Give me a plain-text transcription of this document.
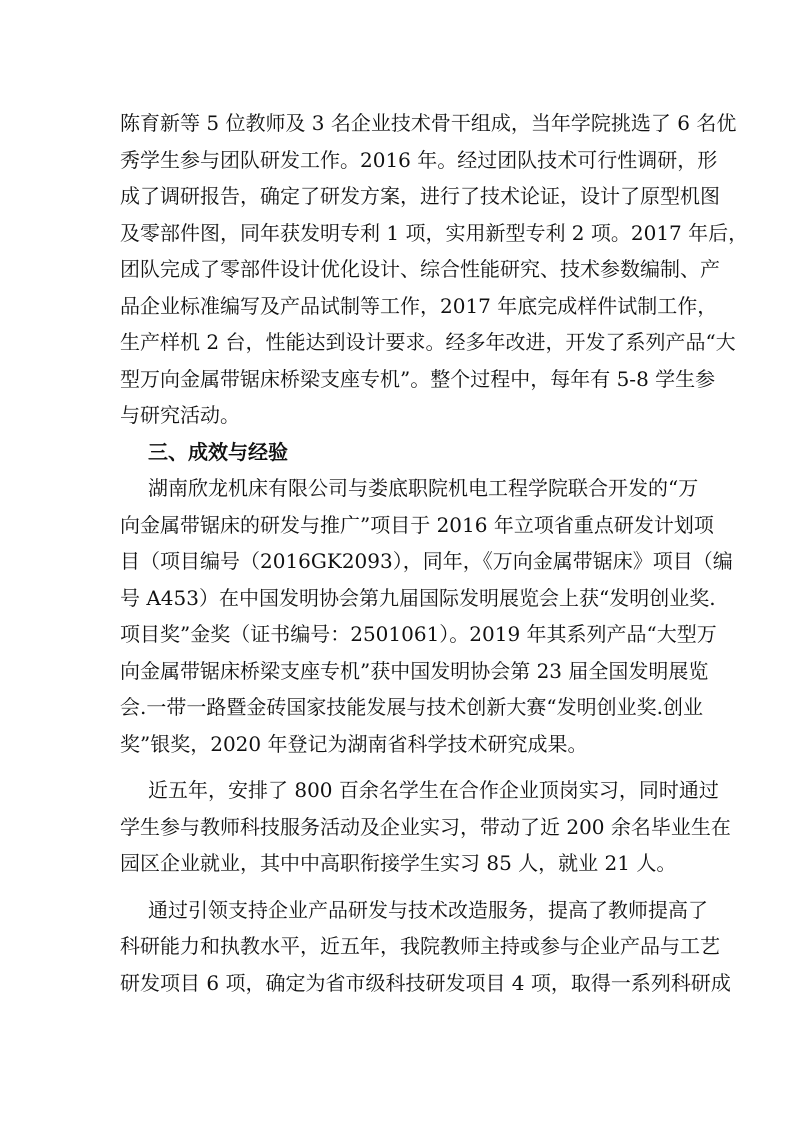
陈育新等 5 位教师及 3 名企业技术骨干组成，当年学院挑选了 6 名优
秀学生参与团队研发工作。2016 年。经过团队技术可行性调研，形
成了调研报告，确定了研发方案，进行了技术论证，设计了原型机图
及零部件图，同年获发明专利 1 项，实用新型专利 2 项。2017 年后，
团队完成了零部件设计优化设计、综合性能研究、技术参数编制、产
品企业标准编写及产品试制等工作，2017 年底完成样件试制工作，
生产样机 2 台，性能达到设计要求。经多年改进，开发了系列产品“大
型万向金属带锯床桥梁支座专机”。整个过程中，每年有 5-8 学生参
与研究活动。
三、成效与经验
湖南欣龙机床有限公司与娄底职院机电工程学院联合开发的“万
向金属带锯床的研发与推广”项目于 2016 年立项省重点研发计划项
目（项目编号（2016GK2093），同年，《万向金属带锯床》项目（编
号 A453）在中国发明协会第九届国际发明展览会上获“发明创业奖.
项目奖”金奖（证书编号：2501061）。2019 年其系列产品“大型万
向金属带锯床桥梁支座专机”获中国发明协会第 23 届全国发明展览
会.一带一路暨金砖国家技能发展与技术创新大赛“发明创业奖.创业
奖”银奖，2020 年登记为湖南省科学技术研究成果。
近五年，安排了 800 百余名学生在合作企业顶岗实习，同时通过
学生参与教师科技服务活动及企业实习，带动了近 200 余名毕业生在
园区企业就业，其中中高职衔接学生实习 85 人，就业 21 人。
通过引领支持企业产品研发与技术改造服务，提高了教师提高了
科研能力和执教水平，近五年，我院教师主持或参与企业产品与工艺
研发项目 6 项，确定为省市级科技研发项目 4 项，取得一系列科研成
